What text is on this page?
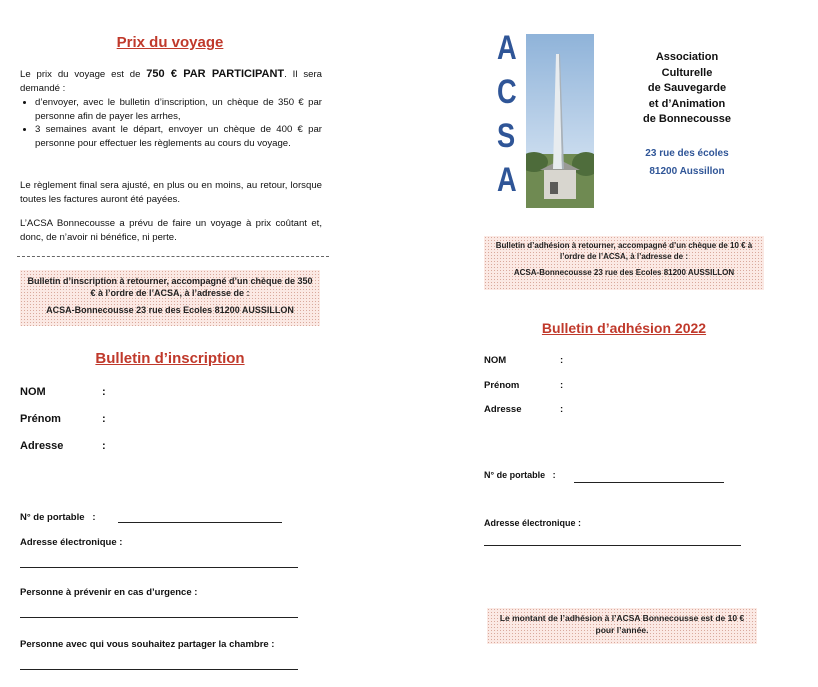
Prix du voyage
Le prix du voyage est de 750 € PAR PARTICIPANT. Il sera demandé :
• d’envoyer, avec le bulletin d’inscription, un chèque de 350 € par personne afin de payer les arrhes,
• 3 semaines avant le départ, envoyer un chèque de 400 € par personne pour effectuer les règlements au cours du voyage.
Le règlement final sera ajusté, en plus ou en moins, au retour, lorsque toutes les factures auront été payées.
L’ACSA Bonnecousse a prévu de faire un voyage à prix coûtant et, donc, de n’avoir ni bénéfice, ni perte.
Bulletin d’inscription à retourner, accompagné d’un chèque de 350 € à l’ordre de l’ACSA, à l’adresse de :
ACSA-Bonnecousse 23 rue des Ecoles 81200 AUSSILLON
Bulletin d’inscription
NOM	:
Prénom	:
Adresse	:
N° de portable   :
Adresse électronique :
Personne à prévenir en cas d’urgence :
Personne avec qui vous souhaitez partager la chambre :
A
C
S
A
Association
Culturelle
de Sauvegarde
et d’Animation
de Bonnecousse
23 rue des écoles
81200 Aussillon
Bulletin d’adhésion à retourner, accompagné d’un chèque de 10 € à l’ordre de l’ACSA, à l’adresse de :
ACSA-Bonnecousse 23 rue des Ecoles 81200 AUSSILLON
Bulletin d’adhésion 2022
NOM	:
Prénom	:
Adresse	:
N° de portable   :
Adresse électronique :
Le montant de l’adhésion à l’ACSA Bonnecousse est de 10 € pour l’année.
